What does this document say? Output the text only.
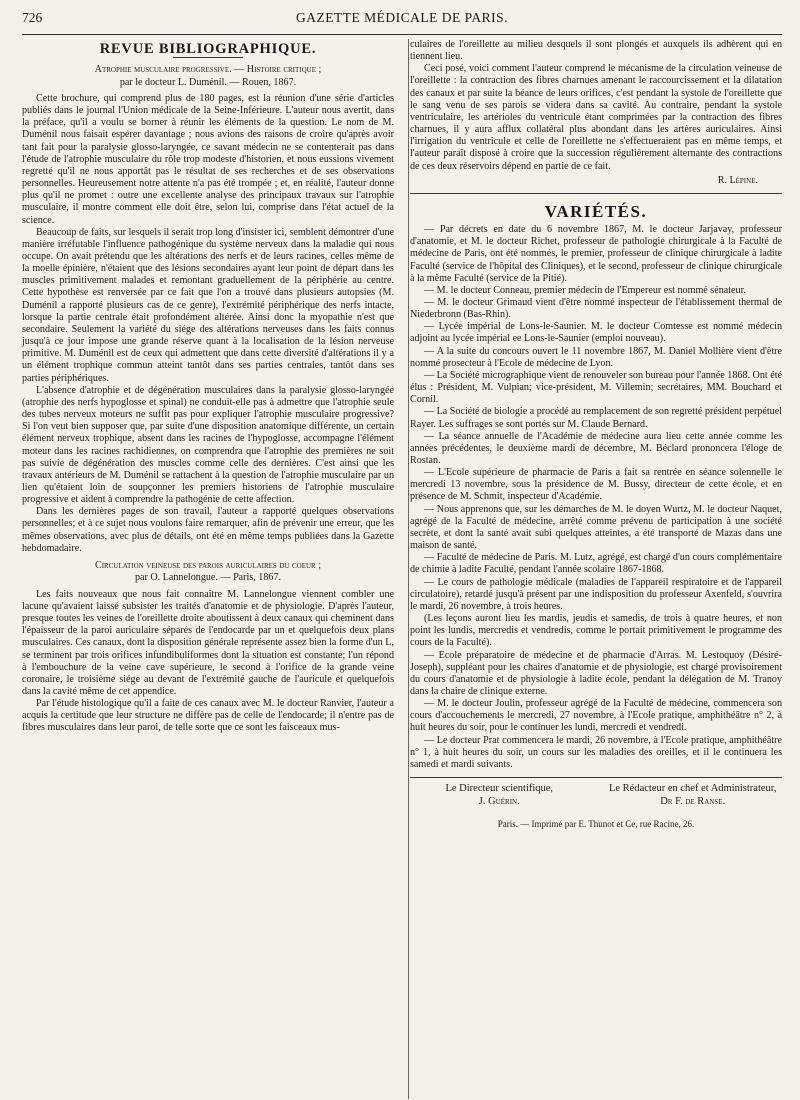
726	GAZETTE MÉDICALE DE PARIS.
REVUE BIBLIOGRAPHIQUE.
Atrophie musculaire progressive. — Histoire critique ;
par le docteur L. Duménil. — Rouen, 1867.

Cette brochure, qui comprend plus de 180 pages, est la réunion d'une série d'articles publiés dans le journal l'Union médicale de la Seine-Inférieure. L'auteur nous avertit, dans la préface, qu'il a voulu se borner à réunir les éléments de la question. Le nom de M. Duménil nous faisait espérer davantage ; nous avions des raisons de croire qu'après avoir tant fait pour la paralysie glosso-laryngée, ce savant médecin ne se contenterait pas dans l'étude de l'atrophie musculaire du rôle trop modeste d'historien, et nous eussions vivement regretté qu'il ne nous apportât pas le résultat de ses recherches et de ses observations personnelles. Heureusement notre attente n'a pas été trompée ; et, en réalité, l'auteur donne plus qu'il ne promet : outre une excellente analyse des principaux travaux sur l'atrophie musculaire, il montre comment elle doit être, selon lui, comprise dans l'état actuel de la science.

Beaucoup de faits, sur lesquels il serait trop long d'insister ici, semblent démontrer d'une manière irréfutable l'influence pathogénique du système nerveux dans la maladie qui nous occupe. On avait prétendu que les altérations des nerfs et de leurs racines, celles même de la moelle épinière, n'étaient que des lésions secondaires ayant leur point de départ dans les muscles primitivement malades et remontant graduellement de la périphérie au centre. Cette hypothèse est renversée par ce fait que l'on a trouvé dans plusieurs autopsies (M. Duménil a rapporté plusieurs cas de ce genre), l'extrémité périphérique des nerfs intacte, lorsque la partie centrale était profondément altérée. Ainsi donc la myopathie n'est que secondaire. Seulement la variété du siége des altérations nerveuses dans les faits connus jusqu'à ce jour impose une grande réserve quant à la localisation de la lésion nerveuse primitive. M. Duménil est de ceux qui admettent que dans cette diversité d'altérations il y a un élément trophique commun atteint tantôt dans ses parties centrales, tantôt dans ses parties périphériques.

L'absence d'atrophie et de dégénération musculaires dans la paralysie glosso-laryngée (atrophie des nerfs hypoglosse et spinal) ne conduit-elle pas à admettre que l'atrophie seule des tubes nerveux moteurs ne suffit pas pour expliquer l'atrophie musculaire progressive? Si l'on veut bien supposer que, par suite d'une disposition anatomique différente, un certain élément nerveux trophique, absent dans les racines de l'hypoglosse, accompagne l'élément moteur dans les racines rachidiennes, on comprendra que l'atrophie des premières ne soit pas suivie de dégénération des muscles comme celle des dernières. C'est ainsi que les travaux antérieurs de M. Duménil se rattachent à la question de l'atrophie musculaire par un lien qu'étaient loin de soupçonner les premiers historiens de l'atrophie musculaire progressive et aident à comprendre la pathogénie de cette affection.

Dans les dernières pages de son travail, l'auteur a rapporté quelques observations personnelles; et à ce sujet nous voulons faire remarquer, afin de prévenir une erreur, que les mêmes observations, avec plus de détails, ont été en même temps publiées dans la Gazette hebdomadaire.

Circulation veineuse des parois auriculaires du coeur ;
par O. Lannelongue. — Paris, 1867.

Les faits nouveaux que nous fait connaître M. Lannelongue viennent combler une lacune qu'avaient laissé subsister les traités d'anatomie et de physiologie. D'après l'auteur, presque toutes les veines de l'oreillette droite aboutissent à deux canaux qui cheminent dans l'épaisseur de la paroi auriculaire séparés de l'endocarde par un et quelquefois deux plans musculaires. Ces canaux, dont la disposition générale représente assez bien la forme d'un L, se terminent par trois orifices infundibuliformes dont la situation est constante; l'un répond à l'embouchure de la veine cave supérieure, le second à l'orifice de la grande veine coronaire, le troisième siége au devant de l'extrémité gauche de l'auricule et quelquefois dans la cavité même de cet appendice.

Par l'étude histologique qu'il a faite de ces canaux avec M. le docteur Ranvier, l'auteur a acquis la certitude que leur structure ne diffère pas de celle de l'endocarde; il n'entre pas de fibres musculaires dans leur paroi, de telle sorte que ce sont les faisceaux mus-

culaires de l'oreillette au milieu desquels il sont plongés et auxquels ils adhèrent qui en tiennent lieu.

Ceci posé, voici comment l'auteur comprend le mécanisme de la circulation veineuse de l'oreillette : la contraction des fibres charnues amenant le raccourcissement et la dilatation des canaux et par suite la béance de leurs orifices, c'est pendant la systole de l'oreillette que le sang venu de ses parois se videra dans sa cavité. Au contraire, pendant la systole ventriculaire, les artérioles du ventricule étant comprimées par la contraction des fibres charnues, il y aura afflux collatéral plus abondant dans les artères auriculaires. Ainsi l'irrigation du ventricule et celle de l'oreillette ne s'effectueraient pas en même temps, et l'auteur paraît disposé à croire que la succession régulièrement alternante des contractions de ces deux réservoirs dépend en partie de ce fait.

R. Lépine.
VARIÉTÉS.

— Par décrets en date du 6 novembre 1867, M. le docteur Jarjavay, professeur d'anatomie, et M. le docteur Richet, professeur de pathologie chirurgicale à la Faculté de médecine de Paris, ont été nommés, le premier, professeur de clinique chirurgicale à ladite Faculté (service de l'hôpital des Cliniques), et le second, professeur de clinique chirurgicale à la même Faculté (service de la Pitié).

— M. le docteur Conneau, premier médecin de l'Empereur est nommé sénateur.

— M. le docteur Grimaud vient d'être nommé inspecteur de l'établissement thermal de Niederbronn (Bas-Rhin).

— Lycée impérial de Lons-le-Saunier. M. le docteur Comtesse est nommé médecin adjoint au lycée impérial ee Lons-le-Saunier (emploi nouveau).

— A la suite du concours ouvert le 11 novembre 1867, M. Daniel Mollière vient d'être nommé prosecteur à l'Ecole de médecine de Lyon.

— La Société micrographique vient de renouveler son bureau pour l'année 1868. Ont été élus : Président, M. Vulpian; vice-président, M. Villemin; secrétaires, MM. Bouchard et Cornil.

— La Société de biologie a procédé au remplacement de son regretté président perpétuel Rayer. Les suffrages se sont portés sur M. Claude Bernard.

— La séance annuelle de l'Académie de médecine aura lieu cette année comme les années précédentes, le deuxième mardi de décembre, M. Béclard prononcera l'éloge de Rostan.

— L'Ecole supérieure de pharmacie de Paris a fait sa rentrée en séance solennelle le mercredi 13 novembre, sous la présidence de M. Bussy, directeur de cette école, et en présence de M. Schmit, inspecteur d'Académie.

— Nous apprenons que, sur les démarches de M. le doyen Wurtz, M. le docteur Naquet, agrégé de la Faculté de médecine, arrêté comme prévenu de participation à une société secrète, et dont la santé avait subi quelques atteintes, a été transporté de Mazas dans une maison de santé.

— Faculté de médecine de Paris. M. Lutz, agrégé, est chargé d'un cours complémentaire de chimie à ladite Faculté, pendant l'année scolaire 1867-1868.

— Le cours de pathologie médicale (maladies de l'appareil respiratoire et de l'appareil circulatoire), retardé jusqu'à présent par une indisposition du professeur Axenfeld, s'ouvrira le mardi, 26 novembre, à trois heures.

(Les leçons auront lieu les mardis, jeudis et samedis, de trois à quatre heures, et non point les lundis, mercredis et vendredis, comme le portait primitivement le programme des cours de la Faculté).

— Ecole préparatoire de médecine et de pharmacie d'Arras. M. Lestoquoy (Désiré-Joseph), suppléant pour les chaires d'anatomie et de physiologie, est chargé provisoirement du cours d'anatomie et de physiologie à ladite école, pendant la délégation de M. Tranoy dans la chaire de clinique externe.

— M. le docteur Joulin, professeur agrégé de la Faculté de médecine, commencera son cours d'accouchements le mercredi, 27 novembre, à l'Ecole pratique, amphithéâtre n° 2, à huit heures du soir, pour le continuer les lundi, mercredi et vendredi.

— Le docteur Prat commencera le mardi, 26 novembre, à l'Ecole pratique, amphithéâtre n° 1, à huit heures du soir, un cours sur les maladies des oreilles, et il le continuera les samedi et mardi suivants.

Le Directeur scientifique,	Le Rédacteur en chef et Administrateur,
J. Guérin.	Dr F. de Ranse.
Paris. — Imprimé par E. Thunot et Ce, rue Racine, 26.
